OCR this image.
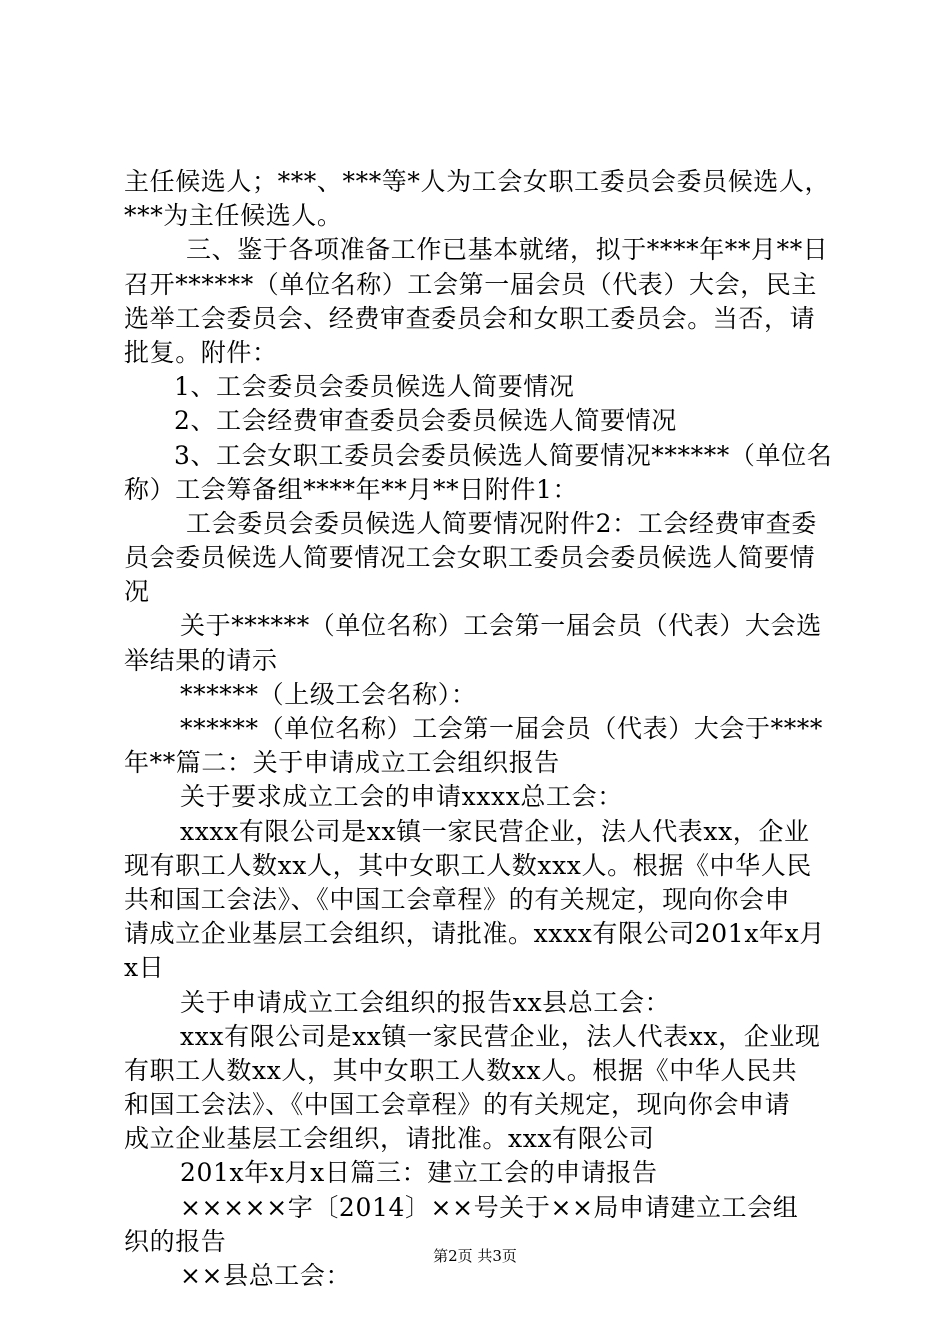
主任候选人；***、***等*人为工会女职工委员会委员候选人，
***为主任候选人。
三、鉴于各项准备工作已基本就绪，拟于****年**月**日
召开******（单位名称）工会第一届会员（代表）大会，民主
选举工会委员会、经费审查委员会和女职工委员会。当否，请
批复。附件：
1、工会委员会委员候选人简要情况
2、工会经费审查委员会委员候选人简要情况
3、工会女职工委员会委员候选人简要情况******（单位名
称）工会筹备组****年**月**日附件1：
工会委员会委员候选人简要情况附件2：工会经费审查委
员会委员候选人简要情况工会女职工委员会委员候选人简要情
况
关于******（单位名称）工会第一届会员（代表）大会选
举结果的请示
******（上级工会名称）：
******（单位名称）工会第一届会员（代表）大会于****
年**篇二：关于申请成立工会组织报告
关于要求成立工会的申请xxxx总工会：
xxxx有限公司是xx镇一家民营企业，法人代表xx，企业
现有职工人数xx人，其中女职工人数xxx人。根据《中华人民
共和国工会法》、《中国工会章程》的有关规定，现向你会申
请成立企业基层工会组织，请批准。xxxx有限公司201x年x月
x日
关于申请成立工会组织的报告xx县总工会：
xxx有限公司是xx镇一家民营企业，法人代表xx，企业现
有职工人数xx人，其中女职工人数xx人。根据《中华人民共
和国工会法》、《中国工会章程》的有关规定，现向你会申请
成立企业基层工会组织，请批准。xxx有限公司
201x年x月x日篇三：建立工会的申请报告
×××××字〔2014〕××号关于××局申请建立工会组
织的报告
××县总工会：
第2页 共3页
